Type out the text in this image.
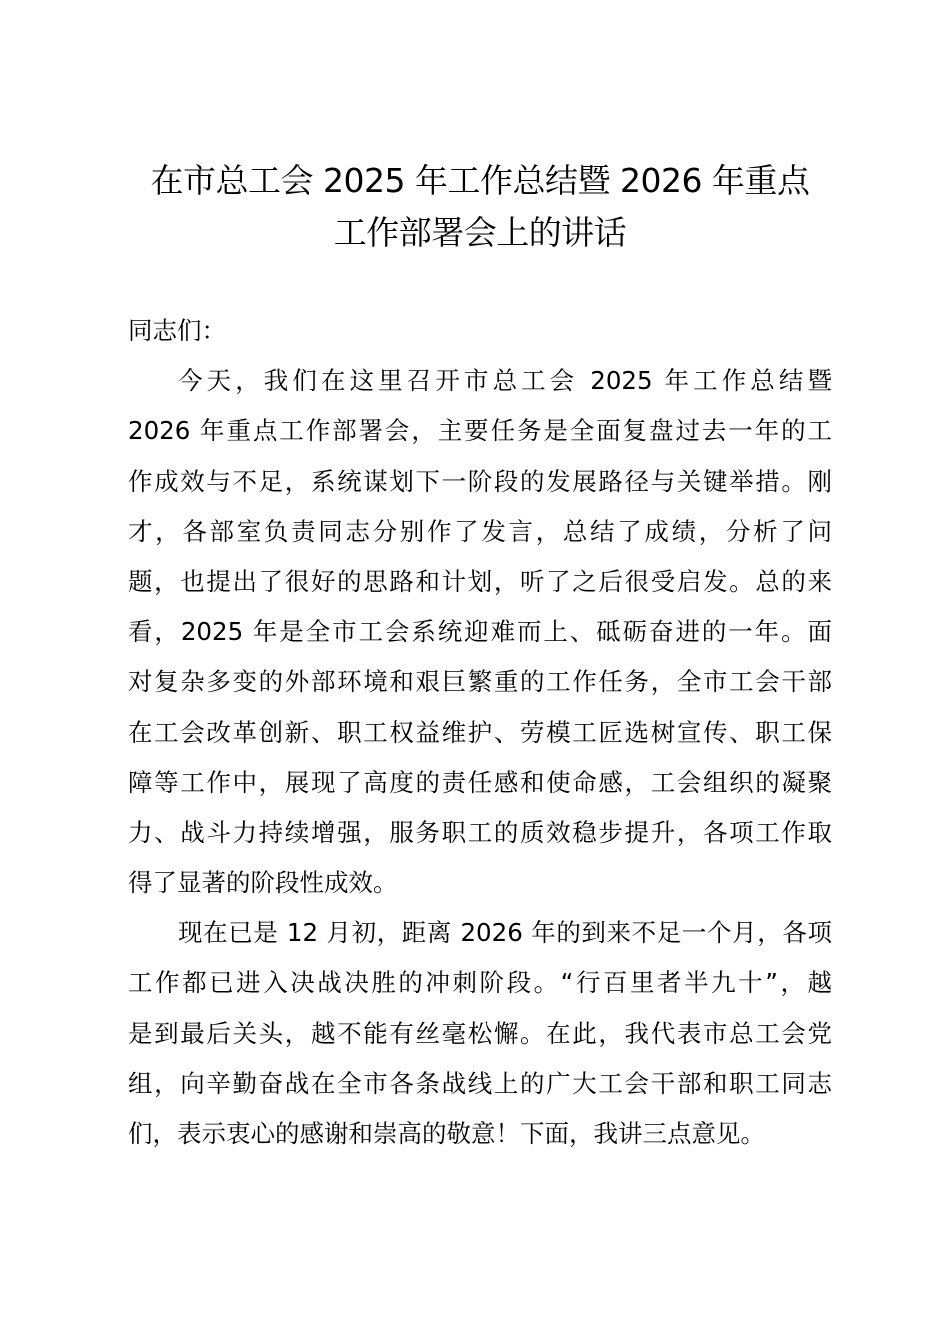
在市总工会 2025 年工作总结暨 2026 年重点
工作部署会上的讲话
同志们：
今天，我们在这里召开市总工会 2025 年工作总结暨
2026 年重点工作部署会，主要任务是全面复盘过去一年的工
作成效与不足，系统谋划下一阶段的发展路径与关键举措。刚
才，各部室负责同志分别作了发言，总结了成绩，分析了问
题，也提出了很好的思路和计划，听了之后很受启发。总的来
看，2025 年是全市工会系统迎难而上、砥砺奋进的一年。面
对复杂多变的外部环境和艰巨繁重的工作任务，全市工会干部
在工会改革创新、职工权益维护、劳模工匠选树宣传、职工保
障等工作中，展现了高度的责任感和使命感，工会组织的凝聚
力、战斗力持续增强，服务职工的质效稳步提升，各项工作取
得了显著的阶段性成效。
现在已是 12 月初，距离 2026 年的到来不足一个月，各项
工作都已进入决战决胜的冲刺阶段。“行百里者半九十”，越
是到最后关头，越不能有丝毫松懈。在此，我代表市总工会党
组，向辛勤奋战在全市各条战线上的广大工会干部和职工同志
们，表示衷心的感谢和崇高的敬意！下面，我讲三点意见。
